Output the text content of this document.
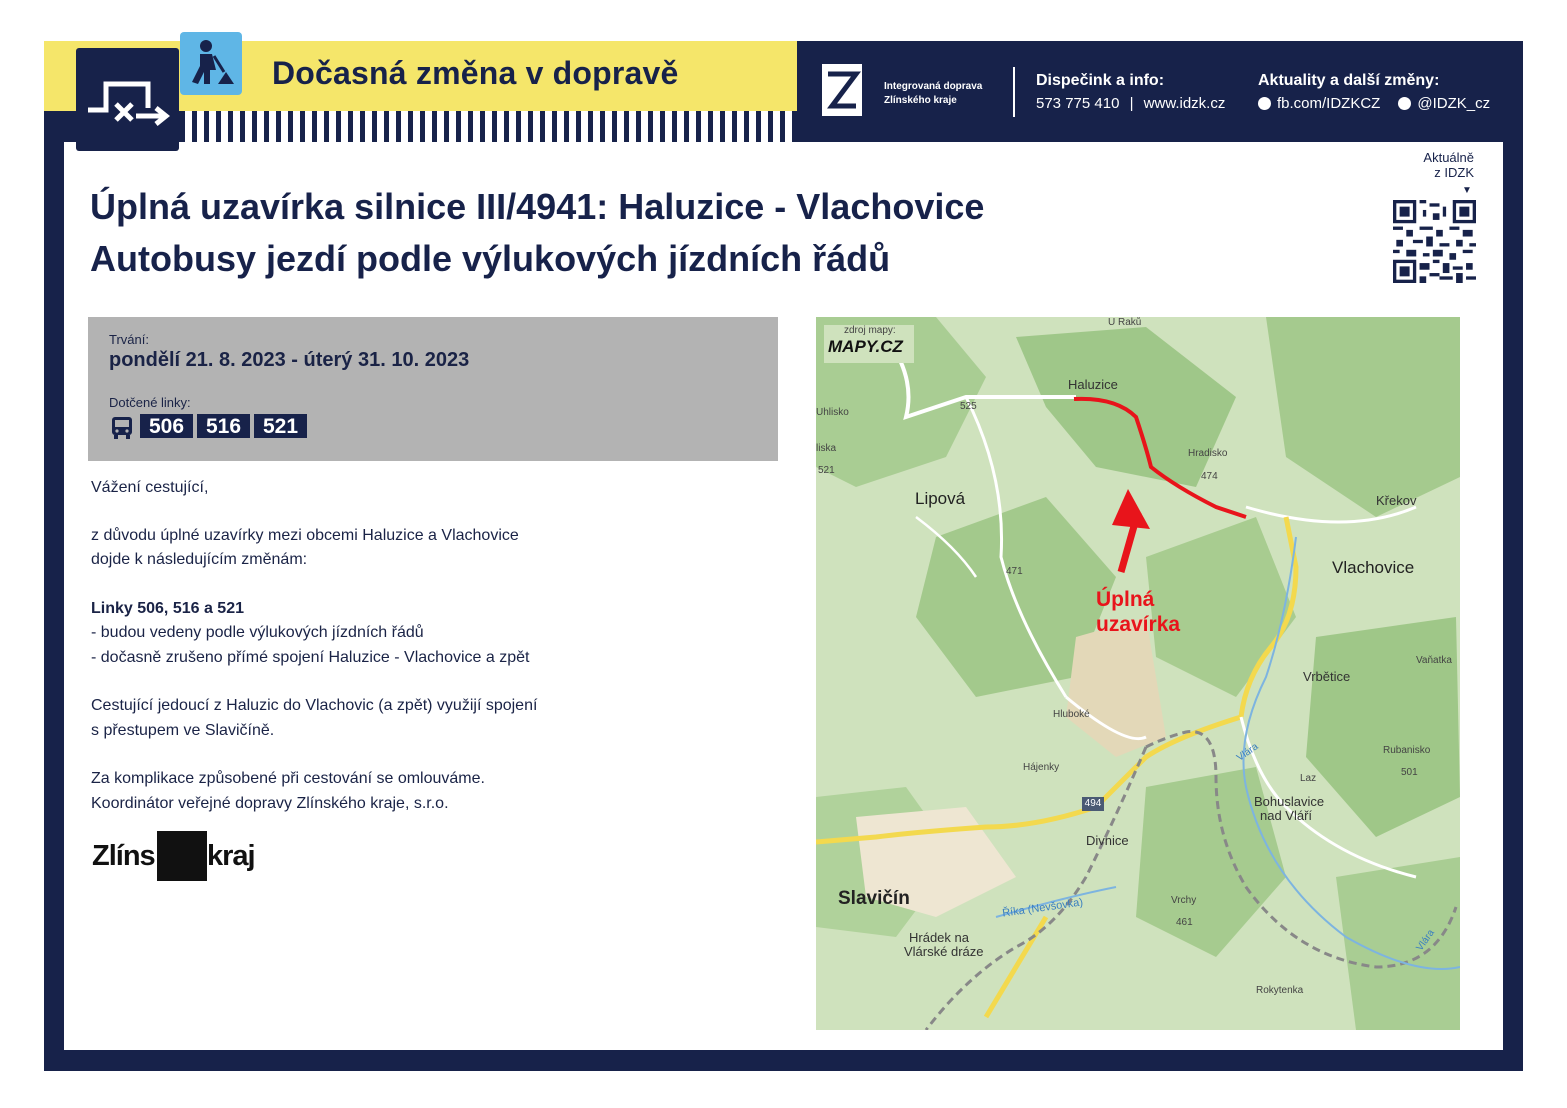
Dočasná změna v dopravě	Integrovaná doprava
Zlínského kraje
Dispečink a info:
573 775 410 | www.idzk.cz
Aktuality a další změny:
fb.com/IDZKCZ @IDZK_cz
Aktuálně
z IDZK
▼
Úplná uzavírka silnice III/4941: Haluzice - Vlachovice
Autobusy jezdí podle výlukových jízdních řádů
Trvání:
pondělí 21. 8. 2023 - úterý 31. 10. 2023
Dotčené linky:
506	516	521
Vážení cestující,
z důvodu úplné uzavírky mezi obcemi Haluzice a Vlachovice
dojde k následujícím změnám:
Linky 506, 516 a 521
- budou vedeny podle výlukových jízdních řádů
- dočasně zrušeno přímé spojení Haluzice - Vlachovice a zpět
Cestující jedoucí z Haluzic do Vlachovic (a zpět) využijí spojení
s přestupem ve Slavičíně.
Za komplikace způsobené při cestování se omlouváme.
Koordinátor veřejné dopravy Zlínského kraje, s.r.o.
Zlíns kraj
zdroj mapy:
MAPY.CZ
Úplná
uzavírka
U Raků
Haluzice
525
Uhlisko
liska
521
Hradisko
474
Lipová	Křekov
Vlachovice
471
Vaňatka
Vrbětice
Hluboké
Rubanisko
501
Hájenky
Vlára
Laz
494	Bohuslavice
nad Vláří
Divnice
Slavičín	Říka (Nevšovka)	Vrchy
461
Hrádek na
Vlárské dráze	Vlára
Rokytenka
